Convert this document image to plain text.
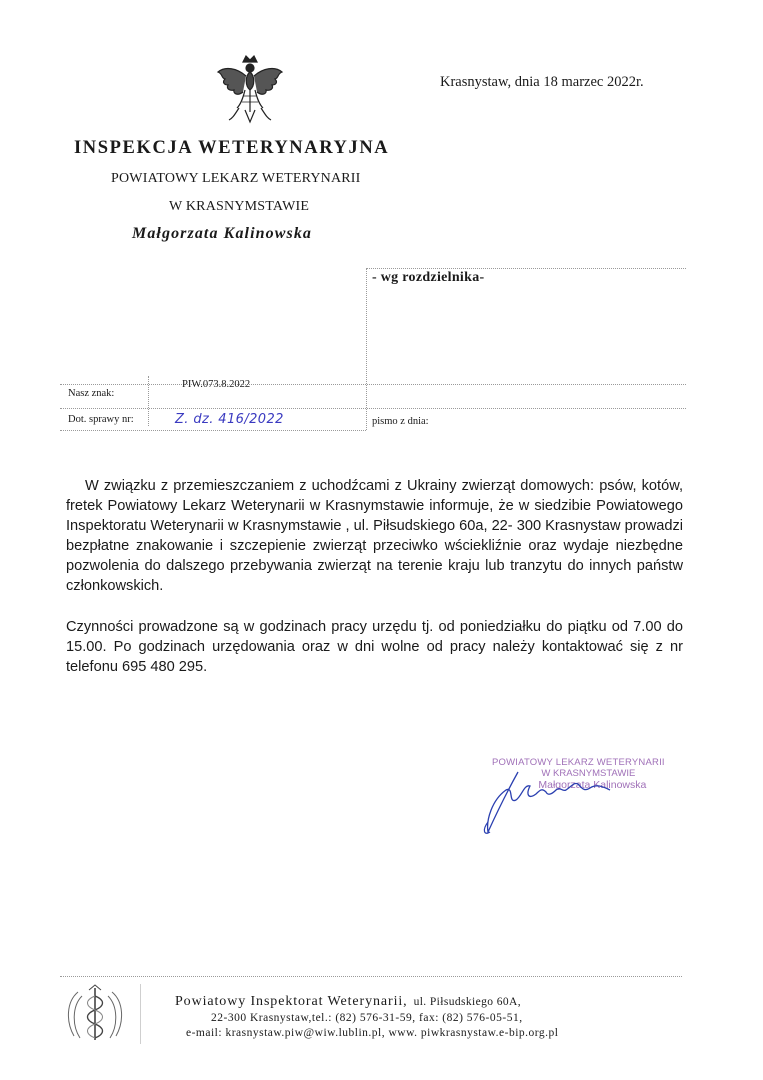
Krasnystaw, dnia 18 marzec 2022r.
INSPEKCJA WETERYNARYJNA
POWIATOWY LEKARZ WETERYNARII
W KRASNYMSTAWIE
Małgorzata Kalinowska
- wg rozdzielnika-
Nasz znak:
PIW.073.8.2022
Dot. sprawy nr:	Z. dz. 416/2022	pismo z dnia:
W związku z przemieszczaniem z uchodźcami z Ukrainy zwierząt domowych: psów, kotów, fretek Powiatowy Lekarz Weterynarii w Krasnymstawie informuje, że w siedzibie Powiatowego Inspektoratu Weterynarii w Krasnymstawie , ul. Piłsudskiego 60a, 22- 300 Krasnystaw prowadzi bezpłatne znakowanie i szczepienie zwierząt przeciwko wściekliźnie oraz wydaje niezbędne pozwolenia do dalszego przebywania zwierząt na terenie kraju lub tranzytu do innych państw członkowskich.
Czynności prowadzone są w godzinach pracy urzędu tj. od poniedziałku do piątku od 7.00 do 15.00. Po godzinach urzędowania oraz w dni wolne od pracy należy kontaktować się z nr telefonu 695 480 295.
POWIATOWY LEKARZ WETERYNARII
W KRASNYMSTAWIE
Małgorzata Kalinowska
Powiatowy Inspektorat Weterynarii, ul. Piłsudskiego 60A,
22-300 Krasnystaw,tel.: (82) 576-31-59, fax: (82) 576-05-51,
e-mail: krasnystaw.piw@wiw.lublin.pl, www. piwkrasnystaw.e-bip.org.pl
